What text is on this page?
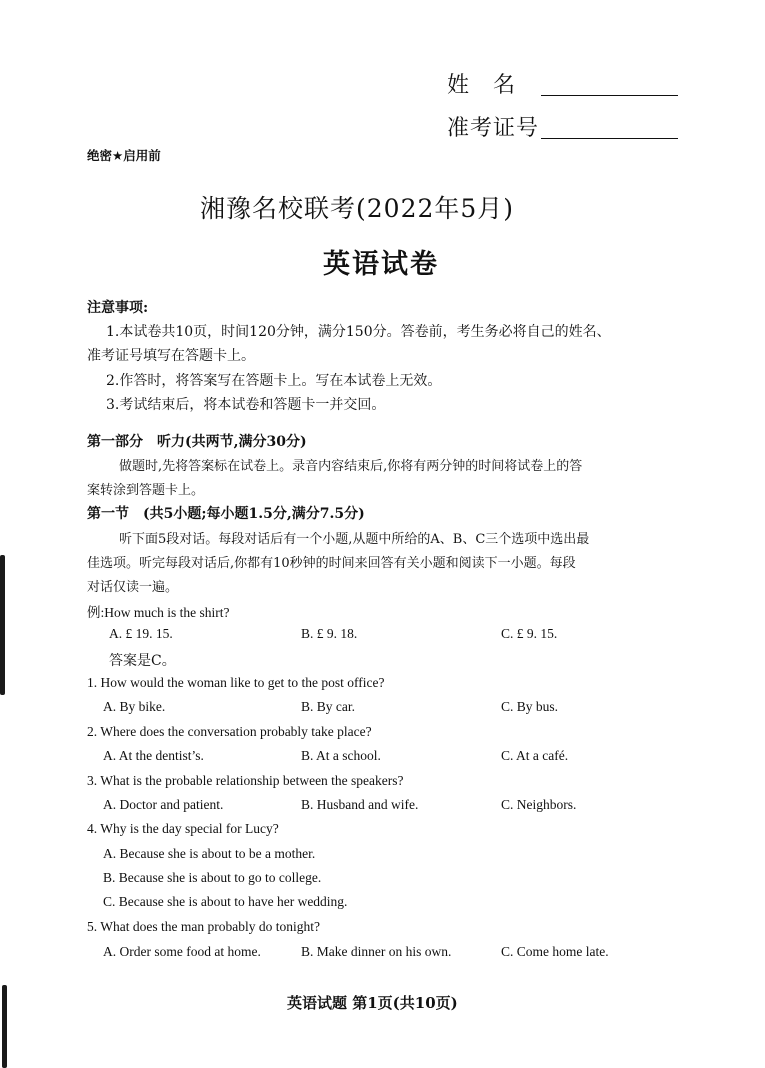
姓　名
准考证号
绝密★启用前
湘豫名校联考(2022年5月)
英语试卷
注意事项:
1.本试卷共10页，时间120分钟，满分150分。答卷前，考生务必将自己的姓名、
准考证号填写在答题卡上。
2.作答时，将答案写在答题卡上。写在本试卷上无效。
3.考试结束后，将本试卷和答题卡一并交回。
第一部分　听力(共两节,满分30分)
做题时,先将答案标在试卷上。录音内容结束后,你将有两分钟的时间将试卷上的答
案转涂到答题卡上。
第一节　(共5小题;每小题1.5分,满分7.5分)
听下面5段对话。每段对话后有一个小题,从题中所给的A、B、C三个选项中选出最
佳选项。听完每段对话后,你都有10秒钟的时间来回答有关小题和阅读下一小题。每段
对话仅读一遍。
例:How much is the shirt?
A. £ 19. 15.	B. £ 9. 18.	C. £ 9. 15.
答案是C。
1. How would the woman like to get to the post office?
A. By bike.	B. By car.	C. By bus.
2. Where does the conversation probably take place?
A. At the dentist’s.	B. At a school.	C. At a café.
3. What is the probable relationship between the speakers?
A. Doctor and patient.	B. Husband and wife.	C. Neighbors.
4. Why is the day special for Lucy?
A. Because she is about to be a mother.
B. Because she is about to go to college.
C. Because she is about to have her wedding.
5. What does the man probably do tonight?
A. Order some food at home.	B. Make dinner on his own.	C. Come home late.
英语试题 第1页(共10页)
